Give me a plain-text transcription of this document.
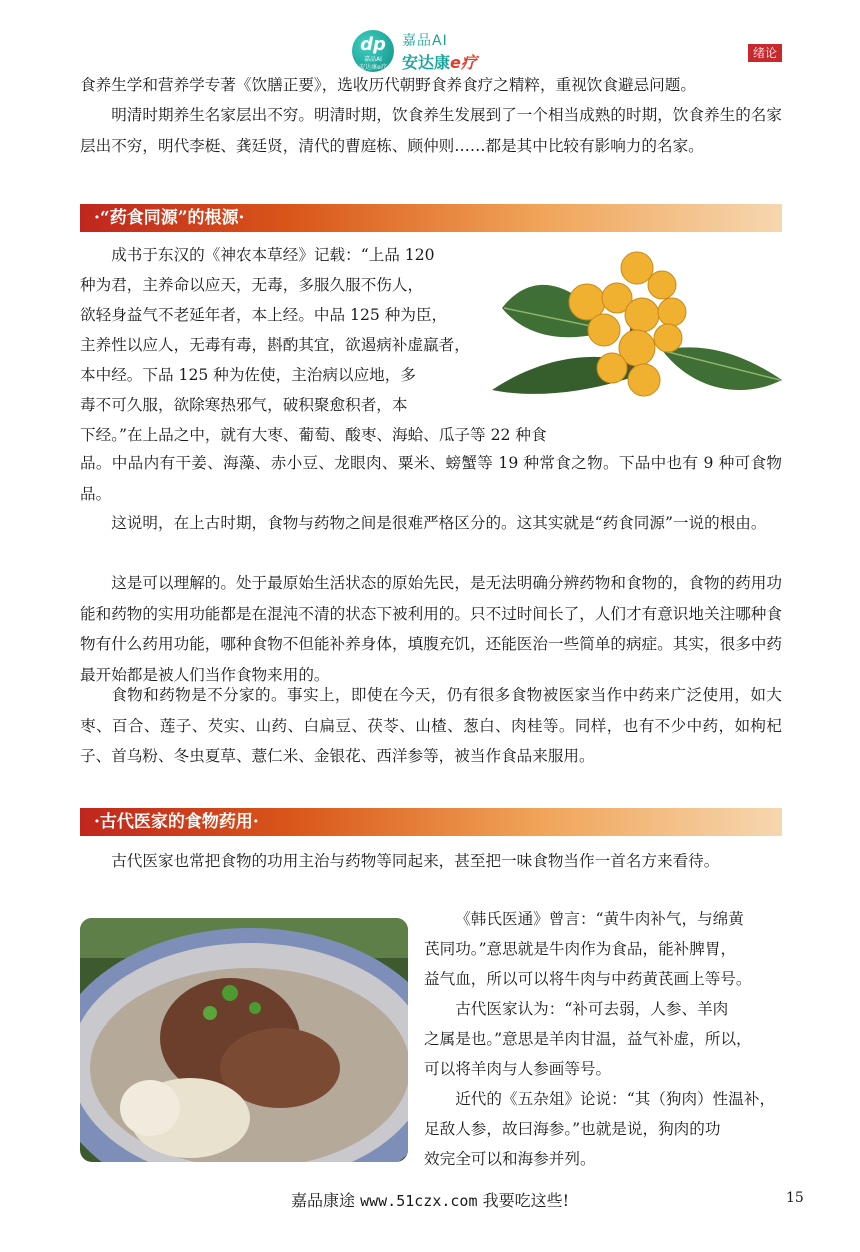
dp
嘉品AI
安达康e疗
嘉品AI
安达康e疗	绪论

食养生学和营养学专著《饮膳正要》，选收历代朝野食养食疗之精粹，重视饮食避忌问题。

明清时期养生名家层出不穷。明清时期，饮食养生发展到了一个相当成熟的时期，饮食养生的名家层出不穷，明代李梃、龚廷贤，清代的曹庭栋、顾仲则……都是其中比较有影响力的名家。

·“药食同源”的根源·

成书于东汉的《神农本草经》记载：“上品 120

种为君，主养命以应天，无毒，多服久服不伤人，

欲轻身益气不老延年者，本上经。中品 125 种为臣，

主养性以应人，无毒有毒，斟酌其宜，欲遏病补虚羸者，

本中经。下品 125 种为佐使，主治病以应地，多

毒不可久服，欲除寒热邪气，破积聚愈积者，本

下经。”在上品之中，就有大枣、葡萄、酸枣、海蛤、瓜子等 22 种食

品。中品内有干姜、海藻、赤小豆、龙眼肉、粟米、螃蟹等 19 种常食之物。下品中也有 9 种可食物品。

这说明，在上古时期，食物与药物之间是很难严格区分的。这其实就是“药食同源”一说的根由。

这是可以理解的。处于最原始生活状态的原始先民，是无法明确分辨药物和食物的，食物的药用功能和药物的实用功能都是在混沌不清的状态下被利用的。只不过时间长了，人们才有意识地关注哪种食物有什么药用功能，哪种食物不但能补养身体，填腹充饥，还能医治一些简单的病症。其实，很多中药最开始都是被人们当作食物来用的。

食物和药物是不分家的。事实上，即使在今天，仍有很多食物被医家当作中药来广泛使用，如大枣、百合、莲子、芡实、山药、白扁豆、茯苓、山楂、葱白、肉桂等。同样，也有不少中药，如枸杞子、首乌粉、冬虫夏草、薏仁米、金银花、西洋参等，被当作食品来服用。

·古代医家的食物药用·

古代医家也常把食物的功用主治与药物等同起来，甚至把一味食物当作一首名方来看待。

《韩氏医通》曾言：“黄牛肉补气，与绵黄

芪同功。”意思就是牛肉作为食品，能补脾胃，

益气血，所以可以将牛肉与中药黄芪画上等号。

古代医家认为：“补可去弱，人参、羊肉

之属是也。”意思是羊肉甘温，益气补虚，所以，

可以将羊肉与人参画等号。

近代的《五杂俎》论说：“其（狗肉）性温补，

足敌人参，故曰海参。”也就是说，狗肉的功

效完全可以和海参并列。

嘉品康途 www.51czx.com 我要吃这些!	15
